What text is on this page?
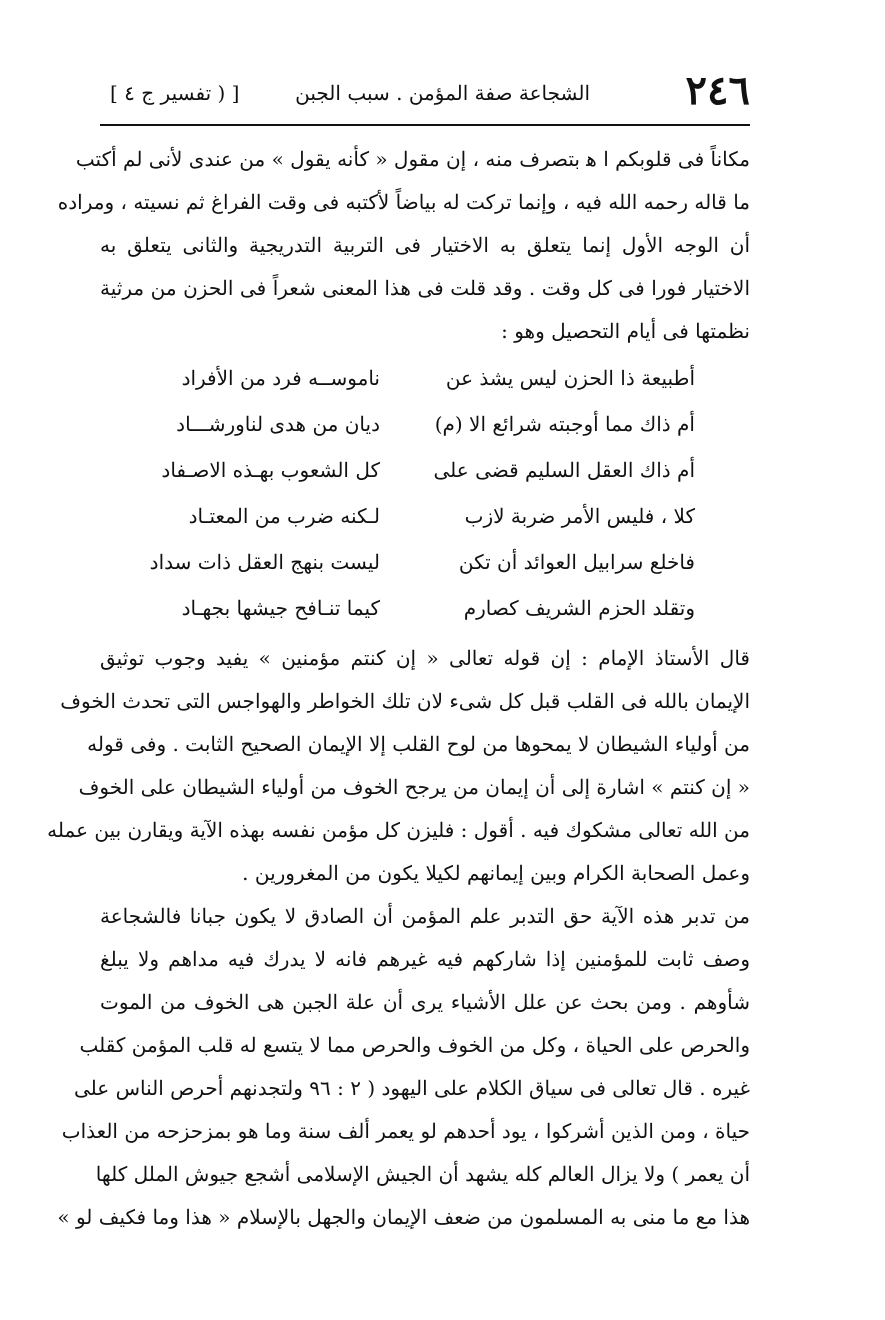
٢٤٦
الشجاعة صفة المؤمن . سبب الجبن
[ ( تفسير ج ٤ ]
مكاناً فى قلوبكم ا ﻫ بتصرف منه ، إن مقول « كأنه يقول » من عندى لأنى لم أكتب
ما قاله رحمه الله فيه ، وإنما تركت له بياضاً لأكتبه فى وقت الفراغ ثم نسيته ، ومراده
أن الوجه الأول إنما يتعلق به الاختيار فى التربية التدريجية والثانى يتعلق به
الاختيار فورا فى كل وقت . وقد قلت فى هذا المعنى شعراً فى الحزن من مرثية
نظمتها فى أيام التحصيل وهو :
أطبيعة ذا الحزن ليس يشذ عن
ناموســه فرد من الأفراد
أم ذاك مما أوجبته شرائع الا (م)
ديان من هدى لناورشـــاد
أم ذاك العقل السليم قضى على
كل الشعوب بهـذه الاصـفاد
كلا ، فليس الأمر ضربة لازب
لـكنه ضرب من المعتـاد
فاخلع سرابيل العوائد أن تكن
ليست بنهج العقل ذات سداد
وتقلد الحزم الشريف كصارم
كيما تنـافح جيشها بجهـاد
قال الأستاذ الإمام : إن قوله تعالى « إن كنتم مؤمنين » يفيد وجوب توثيق
الإيمان بالله فى القلب قبل كل شىء لان تلك الخواطر والهواجس التى تحدث الخوف
من أولياء الشيطان لا يمحوها من لوح القلب إلا الإيمان الصحيح الثابت . وفى قوله
« إن كنتم » اشارة إلى أن إيمان من يرجح الخوف من أولياء الشيطان على الخوف
من الله تعالى مشكوك فيه . أقول : فليزن كل مؤمن نفسه بهذه الآية ويقارن بين عمله
وعمل الصحابة الكرام وبين إيمانهم لكيلا يكون من المغرورين .
من تدبر هذه الآية حق التدبر علم المؤمن أن الصادق لا يكون جبانا فالشجاعة
وصف ثابت للمؤمنين إذا شاركهم فيه غيرهم فانه لا يدرك فيه مداهم ولا يبلغ
شأوهم . ومن بحث عن علل الأشياء يرى أن علة الجبن هى الخوف من الموت
والحرص على الحياة ، وكل من الخوف والحرص مما لا يتسع له قلب المؤمن كقلب
غيره . قال تعالى فى سياق الكلام على اليهود ( ٢ : ٩٦ ولتجدنهم أحرص الناس على
حياة ، ومن الذين أشركوا ، يود أحدهم لو يعمر ألف سنة وما هو بمزحزحه من العذاب
أن يعمر ) ولا يزال العالم كله يشهد أن الجيش الإسلامى أشجع جيوش الملل كلها
هذا مع ما منى به المسلمون من ضعف الإيمان والجهل بالإسلام « هذا وما فكيف لو »
